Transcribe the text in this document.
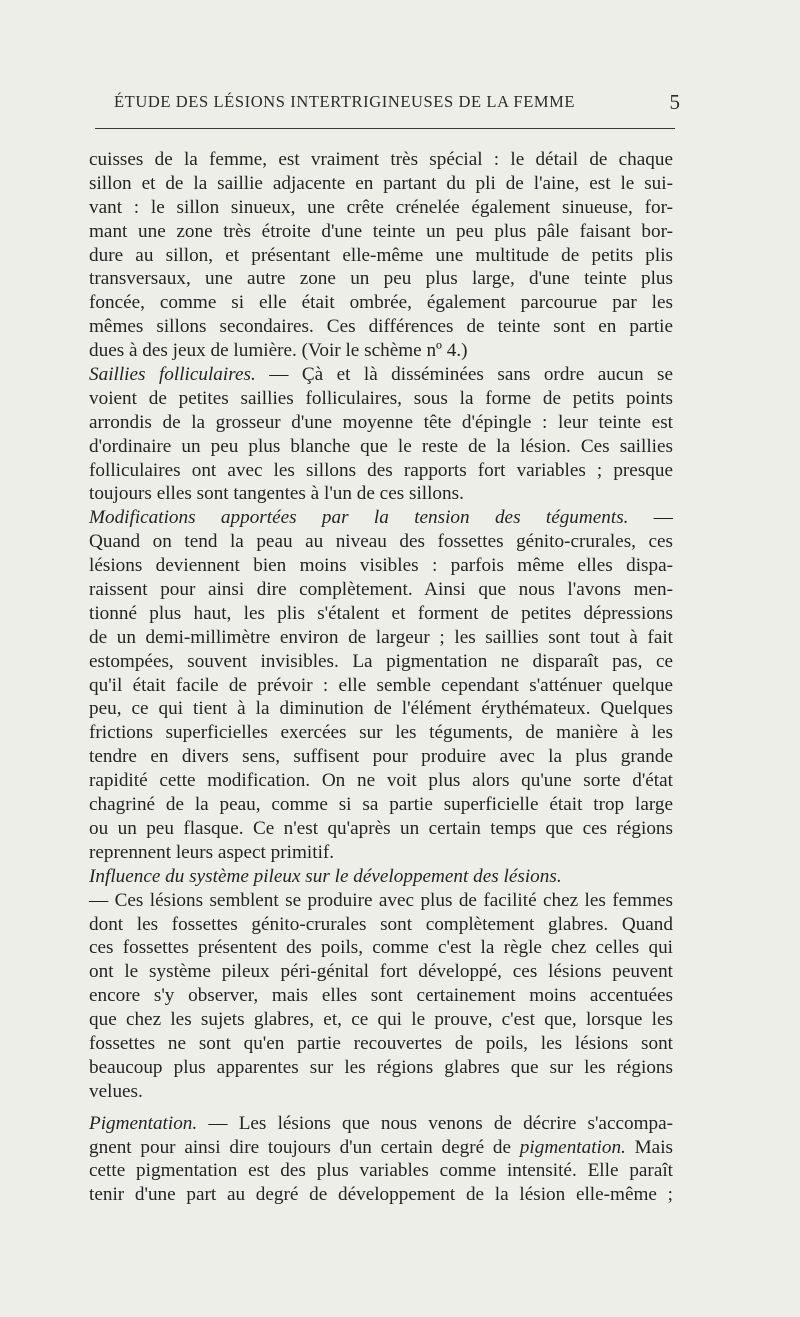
ÉTUDE DES LÉSIONS INTERTRIGINEUSES DE LA FEMME	5
cuisses de la femme, est vraiment très spécial : le détail de chaque
sillon et de la saillie adjacente en partant du pli de l'aine, est le sui-
vant : le sillon sinueux, une crête crénelée également sinueuse, for-
mant une zone très étroite d'une teinte un peu plus pâle faisant bor-
dure au sillon, et présentant elle-même une multitude de petits plis
transversaux, une autre zone un peu plus large, d'une teinte plus
foncée, comme si elle était ombrée, également parcourue par les
mêmes sillons secondaires. Ces différences de teinte sont en partie
dues à des jeux de lumière. (Voir le schème nº 4.)
Saillies folliculaires. — Çà et là disséminées sans ordre aucun se
voient de petites saillies folliculaires, sous la forme de petits points
arrondis de la grosseur d'une moyenne tête d'épingle : leur teinte est
d'ordinaire un peu plus blanche que le reste de la lésion. Ces saillies
folliculaires ont avec les sillons des rapports fort variables ; presque
toujours elles sont tangentes à l'un de ces sillons.
Modifications apportées par la tension des téguments. —
Quand on tend la peau au niveau des fossettes génito-crurales, ces
lésions deviennent bien moins visibles : parfois même elles dispa-
raissent pour ainsi dire complètement. Ainsi que nous l'avons men-
tionné plus haut, les plis s'étalent et forment de petites dépressions
de un demi-millimètre environ de largeur ; les saillies sont tout à fait
estompées, souvent invisibles. La pigmentation ne disparaît pas, ce
qu'il était facile de prévoir : elle semble cependant s'atténuer quelque
peu, ce qui tient à la diminution de l'élément érythémateux. Quelques
frictions superficielles exercées sur les téguments, de manière à les
tendre en divers sens, suffisent pour produire avec la plus grande
rapidité cette modification. On ne voit plus alors qu'une sorte d'état
chagriné de la peau, comme si sa partie superficielle était trop large
ou un peu flasque. Ce n'est qu'après un certain temps que ces régions
reprennent leurs aspect primitif.
Influence du système pileux sur le développement des lésions.
— Ces lésions semblent se produire avec plus de facilité chez les femmes
dont les fossettes génito-crurales sont complètement glabres. Quand
ces fossettes présentent des poils, comme c'est la règle chez celles qui
ont le système pileux péri-génital fort développé, ces lésions peuvent
encore s'y observer, mais elles sont certainement moins accentuées
que chez les sujets glabres, et, ce qui le prouve, c'est que, lorsque les
fossettes ne sont qu'en partie recouvertes de poils, les lésions sont
beaucoup plus apparentes sur les régions glabres que sur les régions
velues.
Pigmentation. — Les lésions que nous venons de décrire s'accompa-
gnent pour ainsi dire toujours d'un certain degré de pigmentation. Mais
cette pigmentation est des plus variables comme intensité. Elle paraît
tenir d'une part au degré de développement de la lésion elle-même ;
